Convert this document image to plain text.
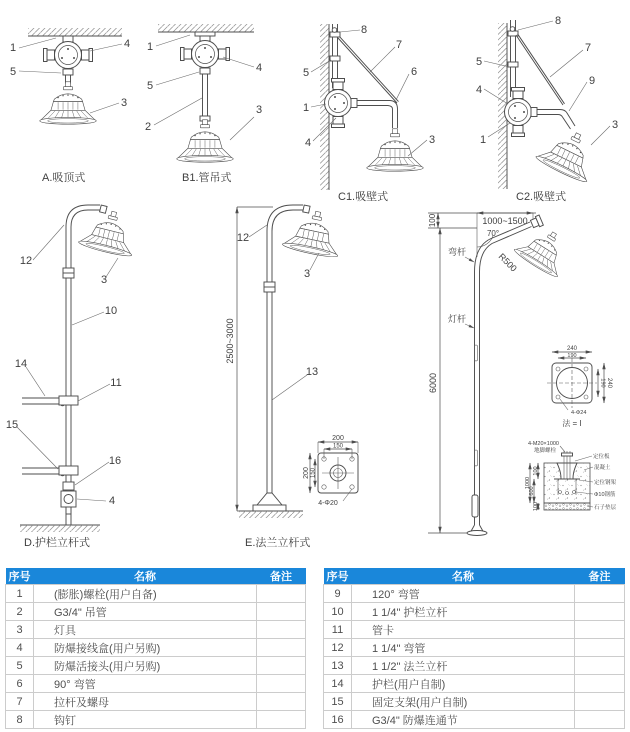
1	4
5
3
A.吸顶式
1
4
5
2
3
B1.管吊式
8
7
6
5
1
4	3
C1.吸壁式
8
7
5
4
9
1
3
C2.吸壁式
12
3
10
14
11
15
16
4
D.护栏立杆式
2500~3000
12
3
13
200
150
200 150
4-Φ20
E.法兰立杆式
100	1000~1500
70°
弯杆	R500
灯杆
6000
240
190
190 240
4-Φ24
法 = I
100
600
1000
100
4-M20×1000
地脚螺栓
定位板
混凝土
定位钢架
Φ10钢筋
石子垫层
序号	名称	备注
1	(膨胀)螺栓(用户自备)	
2	G3/4" 吊管	
3	灯具	
4	防爆接线盒(用户另购)	
5	防爆活接头(用户另购)	
6	90° 弯管	
7	拉杆及螺母	
8	钩钉	
序号	名称	备注
9	120° 弯管	
10	1 1/4" 护栏立杆	
11	管卡	
12	1 1/4" 弯管	
13	1 1/2" 法兰立杆	
14	护栏(用户自制)	
15	固定支架(用户自制)	
16	G3/4" 防爆连通节	
